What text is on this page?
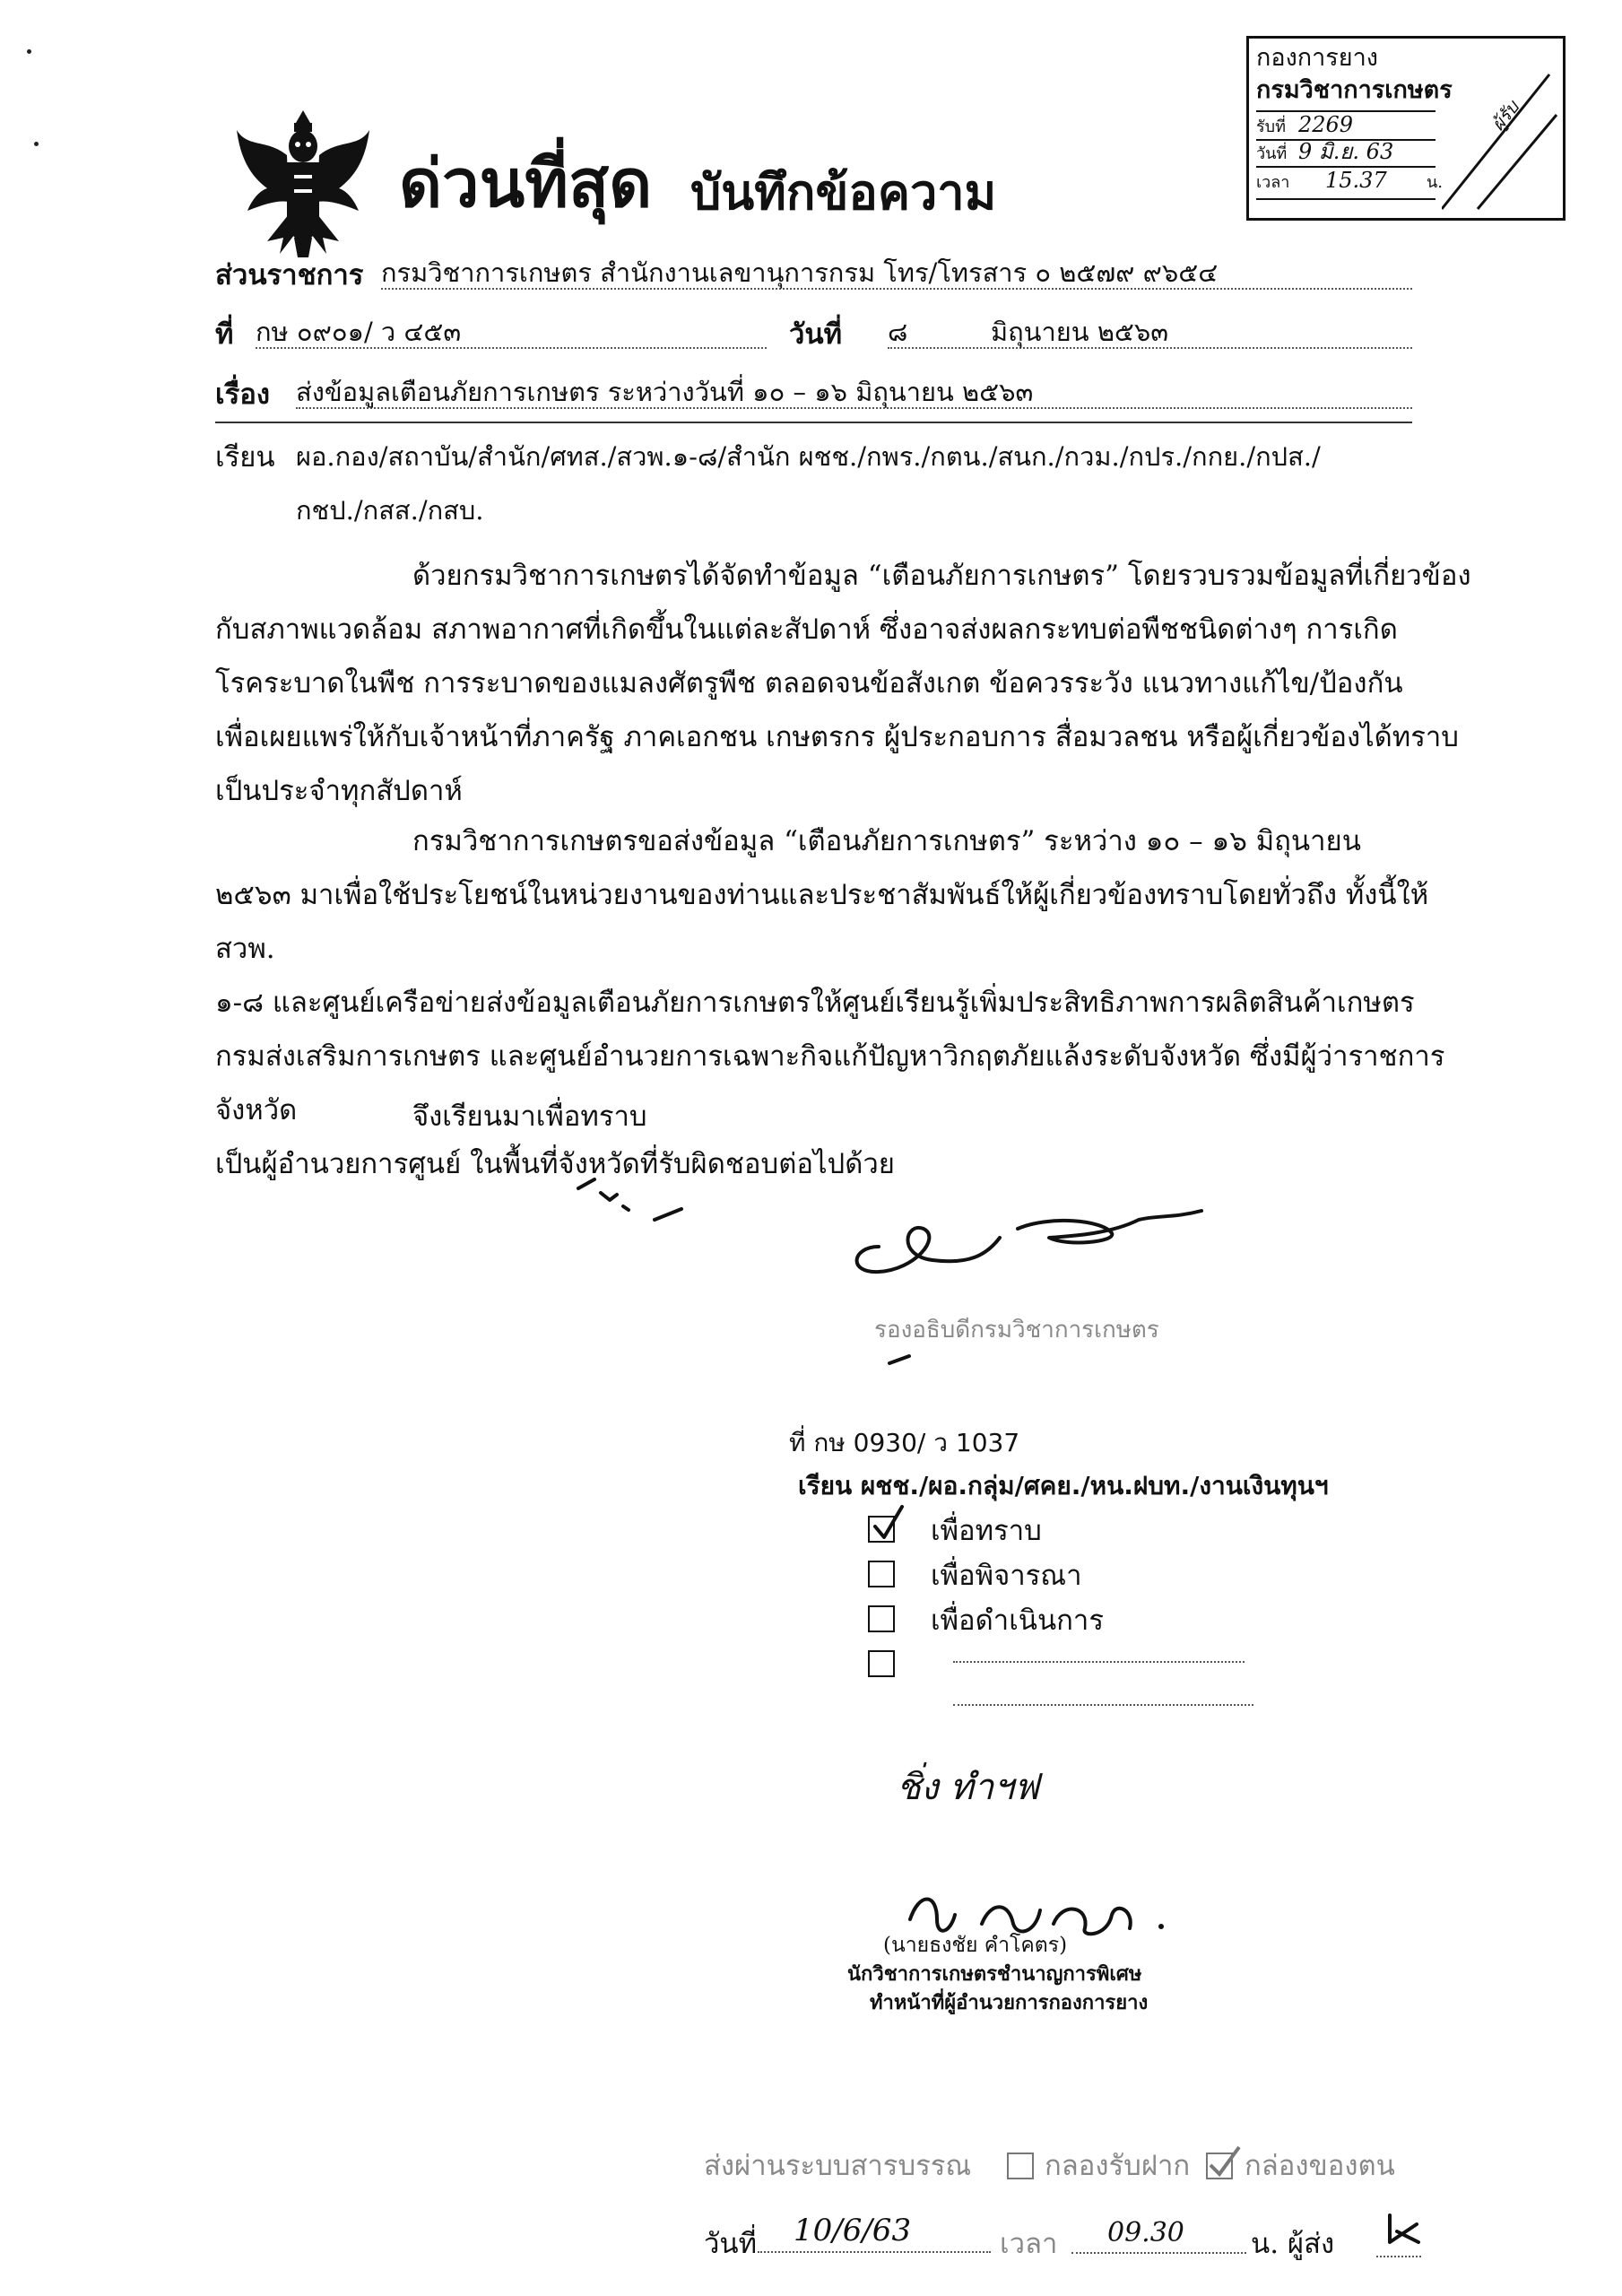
ด่วนที่สุด บันทึกข้อความ
กองการยาง
กรมวิชาการเกษตร
รับที่ 2269
วันที่ 9 มิ.ย. 63
เวลา 15.37 น.
ผู้รับ
ส่วนราชการ กรมวิชาการเกษตร สำนักงานเลขานุการกรม โทร/โทรสาร ๐ ๒๕๗๙ ๙๖๕๔
ที่ กษ ๐๙๐๑/ ว ๔๕๓	วันที่ ๘	มิถุนายน ๒๕๖๓
เรื่อง ส่งข้อมูลเตือนภัยการเกษตร ระหว่างวันที่ ๑๐ – ๑๖ มิถุนายน ๒๕๖๓
เรียน ผอ.กอง/สถาบัน/สำนัก/ศทส./สวพ.๑-๘/สำนัก ผชช./กพร./กตน./สนก./กวม./กปร./กกย./กปส./
กชป./กสส./กสบ.
ด้วยกรมวิชาการเกษตรได้จัดทำข้อมูล “เตือนภัยการเกษตร” โดยรวบรวมข้อมูลที่เกี่ยวข้อง
กับสภาพแวดล้อม สภาพอากาศที่เกิดขึ้นในแต่ละสัปดาห์ ซึ่งอาจส่งผลกระทบต่อพืชชนิดต่างๆ การเกิด
โรคระบาดในพืช การระบาดของแมลงศัตรูพืช ตลอดจนข้อสังเกต ข้อควรระวัง แนวทางแก้ไข/ป้องกัน
เพื่อเผยแพร่ให้กับเจ้าหน้าที่ภาครัฐ ภาคเอกชน เกษตรกร ผู้ประกอบการ สื่อมวลชน หรือผู้เกี่ยวข้องได้ทราบ
เป็นประจำทุกสัปดาห์
กรมวิชาการเกษตรขอส่งข้อมูล “เตือนภัยการเกษตร” ระหว่าง ๑๐ – ๑๖ มิถุนายน
๒๕๖๓ มาเพื่อใช้ประโยชน์ในหน่วยงานของท่านและประชาสัมพันธ์ให้ผู้เกี่ยวข้องทราบโดยทั่วถึง ทั้งนี้ให้ สวพ.
๑-๘ และศูนย์เครือข่ายส่งข้อมูลเตือนภัยการเกษตรให้ศูนย์เรียนรู้เพิ่มประสิทธิภาพการผลิตสินค้าเกษตร
กรมส่งเสริมการเกษตร และศูนย์อำนวยการเฉพาะกิจแก้ปัญหาวิกฤตภัยแล้งระดับจังหวัด ซึ่งมีผู้ว่าราชการจังหวัด
เป็นผู้อำนวยการศูนย์ ในพื้นที่จังหวัดที่รับผิดชอบต่อไปด้วย
จึงเรียนมาเพื่อทราบ
รองอธิบดีกรมวิชาการเกษตร
ที่ กษ 0930/ ว 1037
เรียน ผชช./ผอ.กลุ่ม/ศคย./หน.ฝบท./งานเงินทุนฯ
เพื่อทราบ
เพื่อพิจารณา
เพื่อดำเนินการ
ชิ่ง ทำฯฟ
(นายธงชัย คำโคตร)
นักวิชาการเกษตรชำนาญการพิเศษ
ทำหน้าที่ผู้อำนวยการกองการยาง
ส่งผ่านระบบสารบรรณ	กลองรับฝาก กล่องของตน
วันที่	10/6/63	เวลา	09.30	น. ผู้ส่ง
